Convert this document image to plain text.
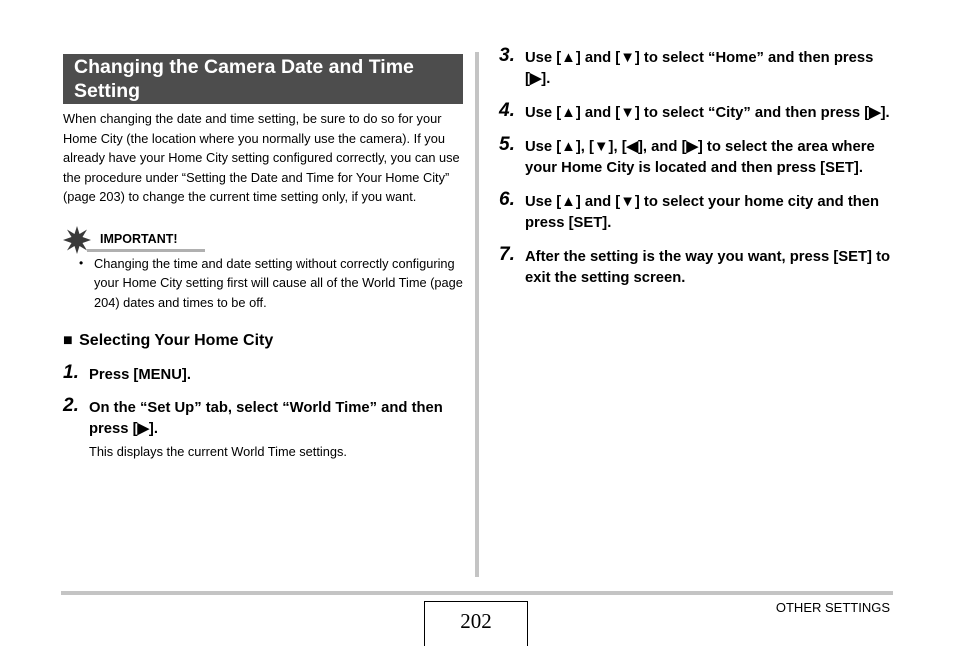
Changing the Camera Date and Time Setting
When changing the date and time setting, be sure to do so for your Home City (the location where you normally use the camera). If you already have your Home City setting configured correctly, you can use the procedure under “Setting the Date and Time for Your Home City” (page 203) to change the current time setting only, if you want.
IMPORTANT!
• Changing the time and date setting without correctly configuring your Home City setting first will cause all of the World Time (page 204) dates and times to be off.
■ Selecting Your Home City
1. Press [MENU].
2. On the “Set Up” tab, select “World Time” and then press [▶].
This displays the current World Time settings.
3. Use [▲] and [▼] to select “Home” and then press [▶].
4. Use [▲] and [▼] to select “City” and then press [▶].
5. Use [▲], [▼], [◀], and [▶] to select the area where your Home City is located and then press [SET].
6. Use [▲] and [▼] to select your home city and then press [SET].
7. After the setting is the way you want, press [SET] to exit the setting screen.
202
OTHER SETTINGS
